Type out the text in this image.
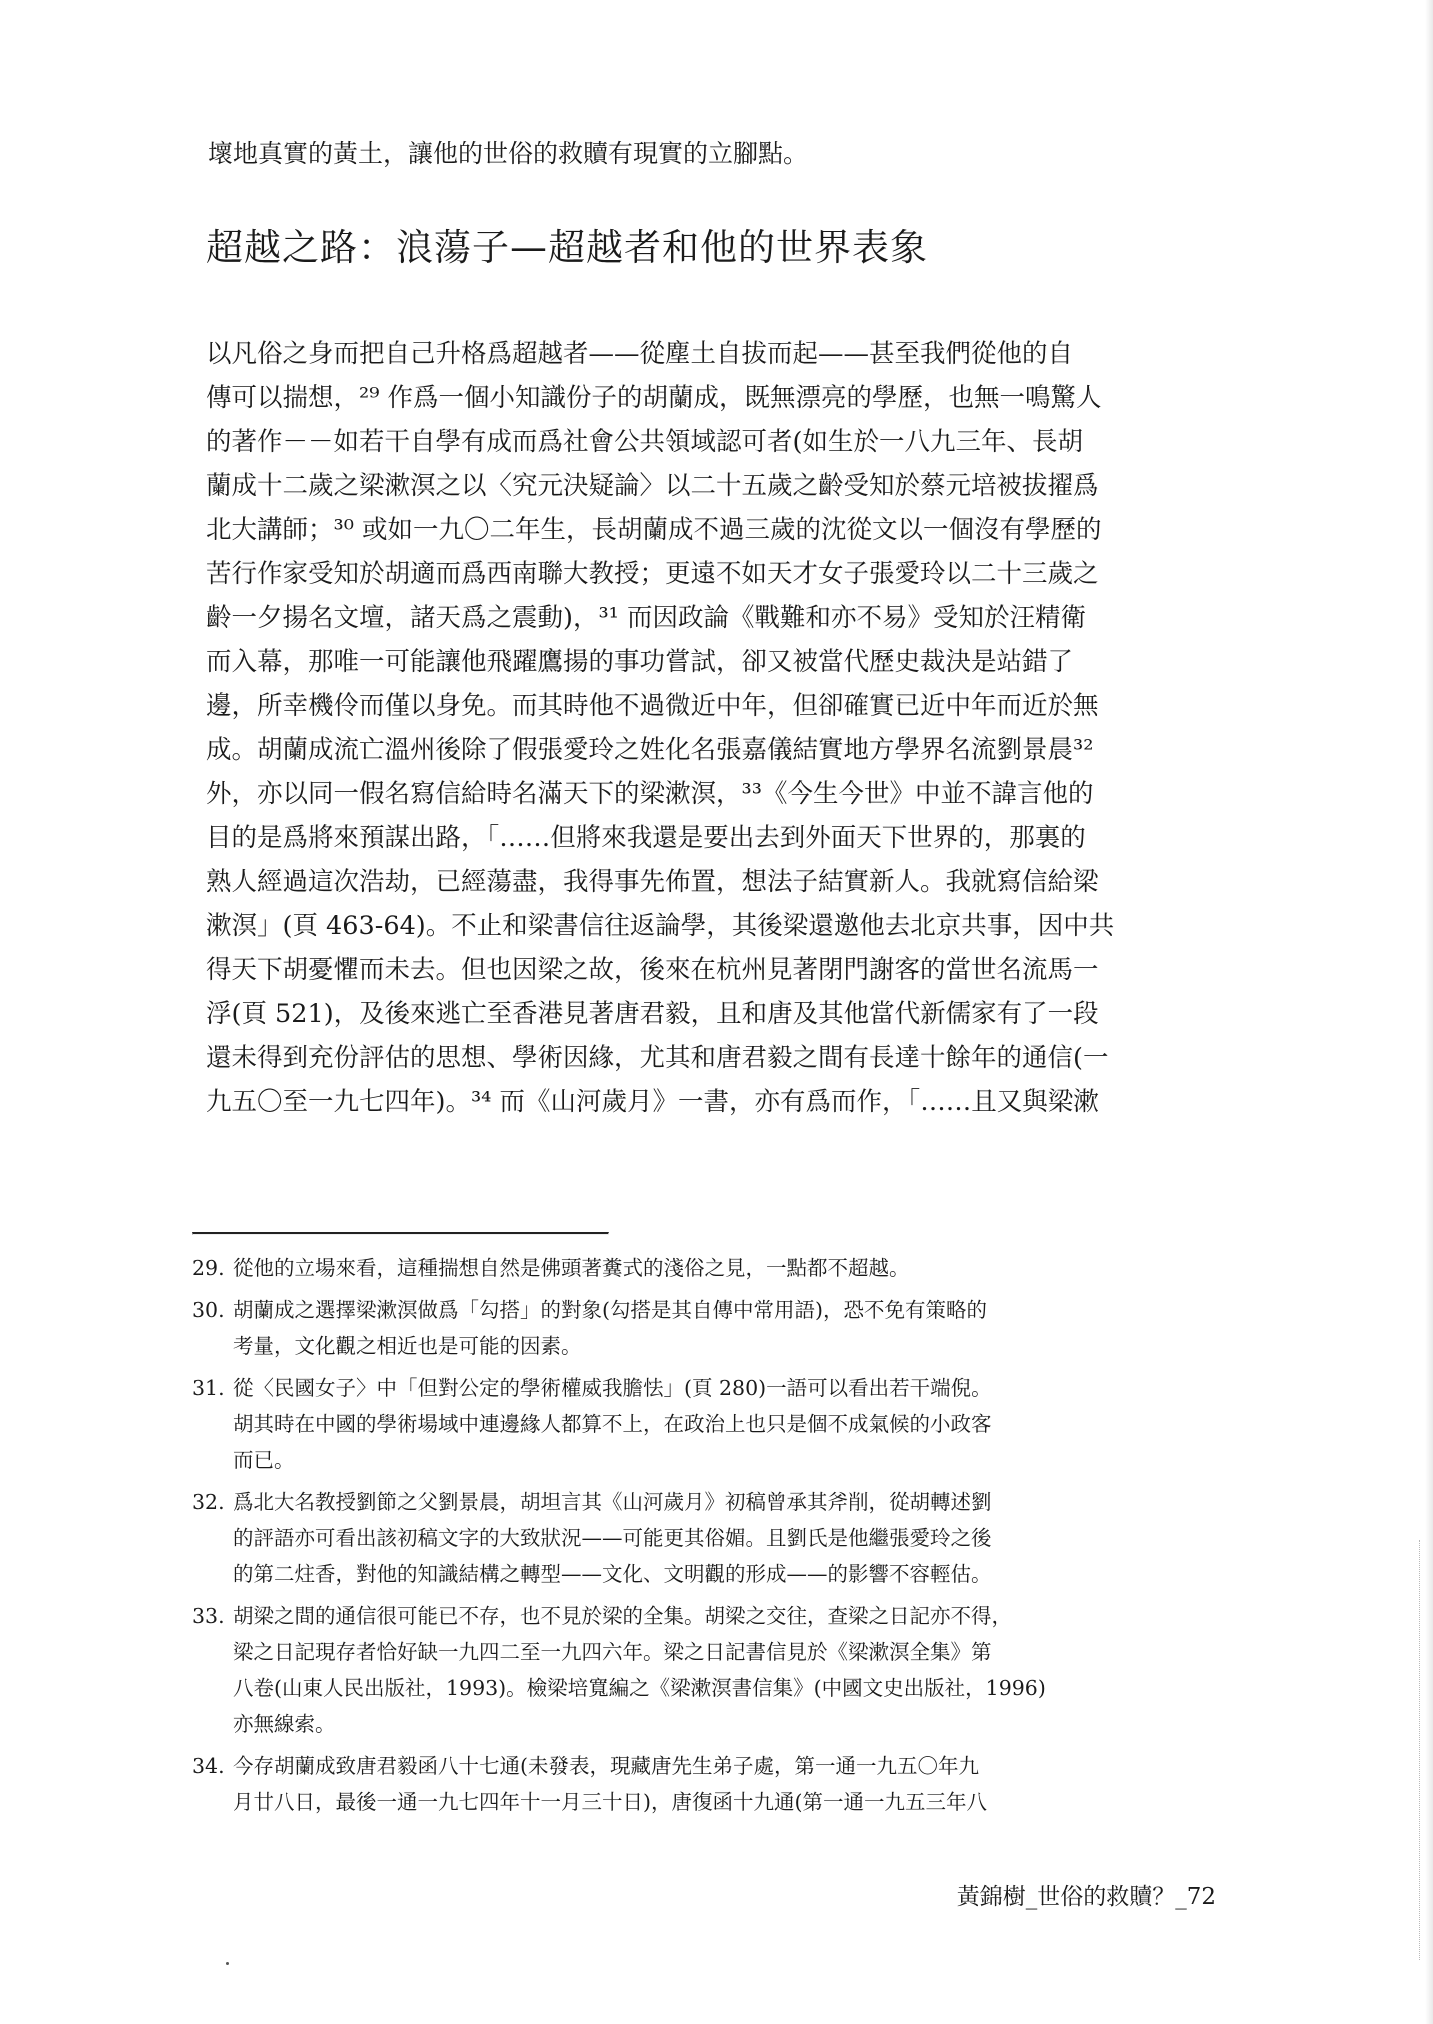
壞地真實的黃土，讓他的世俗的救贖有現實的立腳點。

超越之路：浪蕩子—超越者和他的世界表象
以凡俗之身而把自己升格爲超越者——從塵土自拔而起——甚至我們從他的自
傳可以揣想，²⁹ 作爲一個小知識份子的胡蘭成，既無漂亮的學歷，也無一鳴驚人
的著作－－如若干自學有成而爲社會公共領域認可者(如生於一八九三年、長胡
蘭成十二歲之梁漱溟之以〈究元決疑論〉以二十五歲之齡受知於蔡元培被拔擢爲
北大講師；³⁰ 或如一九〇二年生，長胡蘭成不過三歲的沈從文以一個沒有學歷的
苦行作家受知於胡適而爲西南聯大教授；更遠不如天才女子張愛玲以二十三歲之
齡一夕揚名文壇，諸天爲之震動)，³¹ 而因政論《戰難和亦不易》受知於汪精衛
而入幕，那唯一可能讓他飛躍鷹揚的事功嘗試，卻又被當代歷史裁決是站錯了
邊，所幸機伶而僅以身免。而其時他不過微近中年，但卻確實已近中年而近於無
成。胡蘭成流亡溫州後除了假張愛玲之姓化名張嘉儀結實地方學界名流劉景晨³²
外，亦以同一假名寫信給時名滿天下的梁漱溟，³³《今生今世》中並不諱言他的
目的是爲將來預謀出路，「……但將來我還是要出去到外面天下世界的，那裏的
熟人經過這次浩劫，已經蕩盡，我得事先佈置，想法子結實新人。我就寫信給梁
漱溟」(頁 463-64)。不止和梁書信往返論學，其後梁還邀他去北京共事，因中共
得天下胡憂懼而未去。但也因梁之故，後來在杭州見著閉門謝客的當世名流馬一
浮(頁 521)，及後來逃亡至香港見著唐君毅，且和唐及其他當代新儒家有了一段
還未得到充份評估的思想、學術因緣，尤其和唐君毅之間有長達十餘年的通信(一
九五〇至一九七四年)。³⁴ 而《山河歲月》一書，亦有爲而作，「……且又與梁漱
29. 從他的立場來看，這種揣想自然是佛頭著糞式的淺俗之見，一點都不超越。
30. 胡蘭成之選擇梁漱溟做爲「勾搭」的對象(勾搭是其自傳中常用語)，恐不免有策略的
考量，文化觀之相近也是可能的因素。
31. 從〈民國女子〉中「但對公定的學術權威我膽怯」(頁 280)一語可以看出若干端倪。
胡其時在中國的學術場域中連邊緣人都算不上，在政治上也只是個不成氣候的小政客
而已。
32. 爲北大名教授劉節之父劉景晨，胡坦言其《山河歲月》初稿曾承其斧削，從胡轉述劉
的評語亦可看出該初稿文字的大致狀況——可能更其俗媚。且劉氏是他繼張愛玲之後
的第二炷香，對他的知識結構之轉型——文化、文明觀的形成——的影響不容輕估。
33. 胡梁之間的通信很可能已不存，也不見於梁的全集。胡梁之交往，查梁之日記亦不得，
梁之日記現存者恰好缺一九四二至一九四六年。梁之日記書信見於《梁漱溟全集》第
八卷(山東人民出版社，1993)。檢梁培寬編之《梁漱溟書信集》(中國文史出版社，1996)
亦無線索。
34. 今存胡蘭成致唐君毅函八十七通(未發表，現藏唐先生弟子處，第一通一九五〇年九
月廿八日，最後一通一九七四年十一月三十日)，唐復函十九通(第一通一九五三年八
黃錦樹_世俗的救贖？_72
